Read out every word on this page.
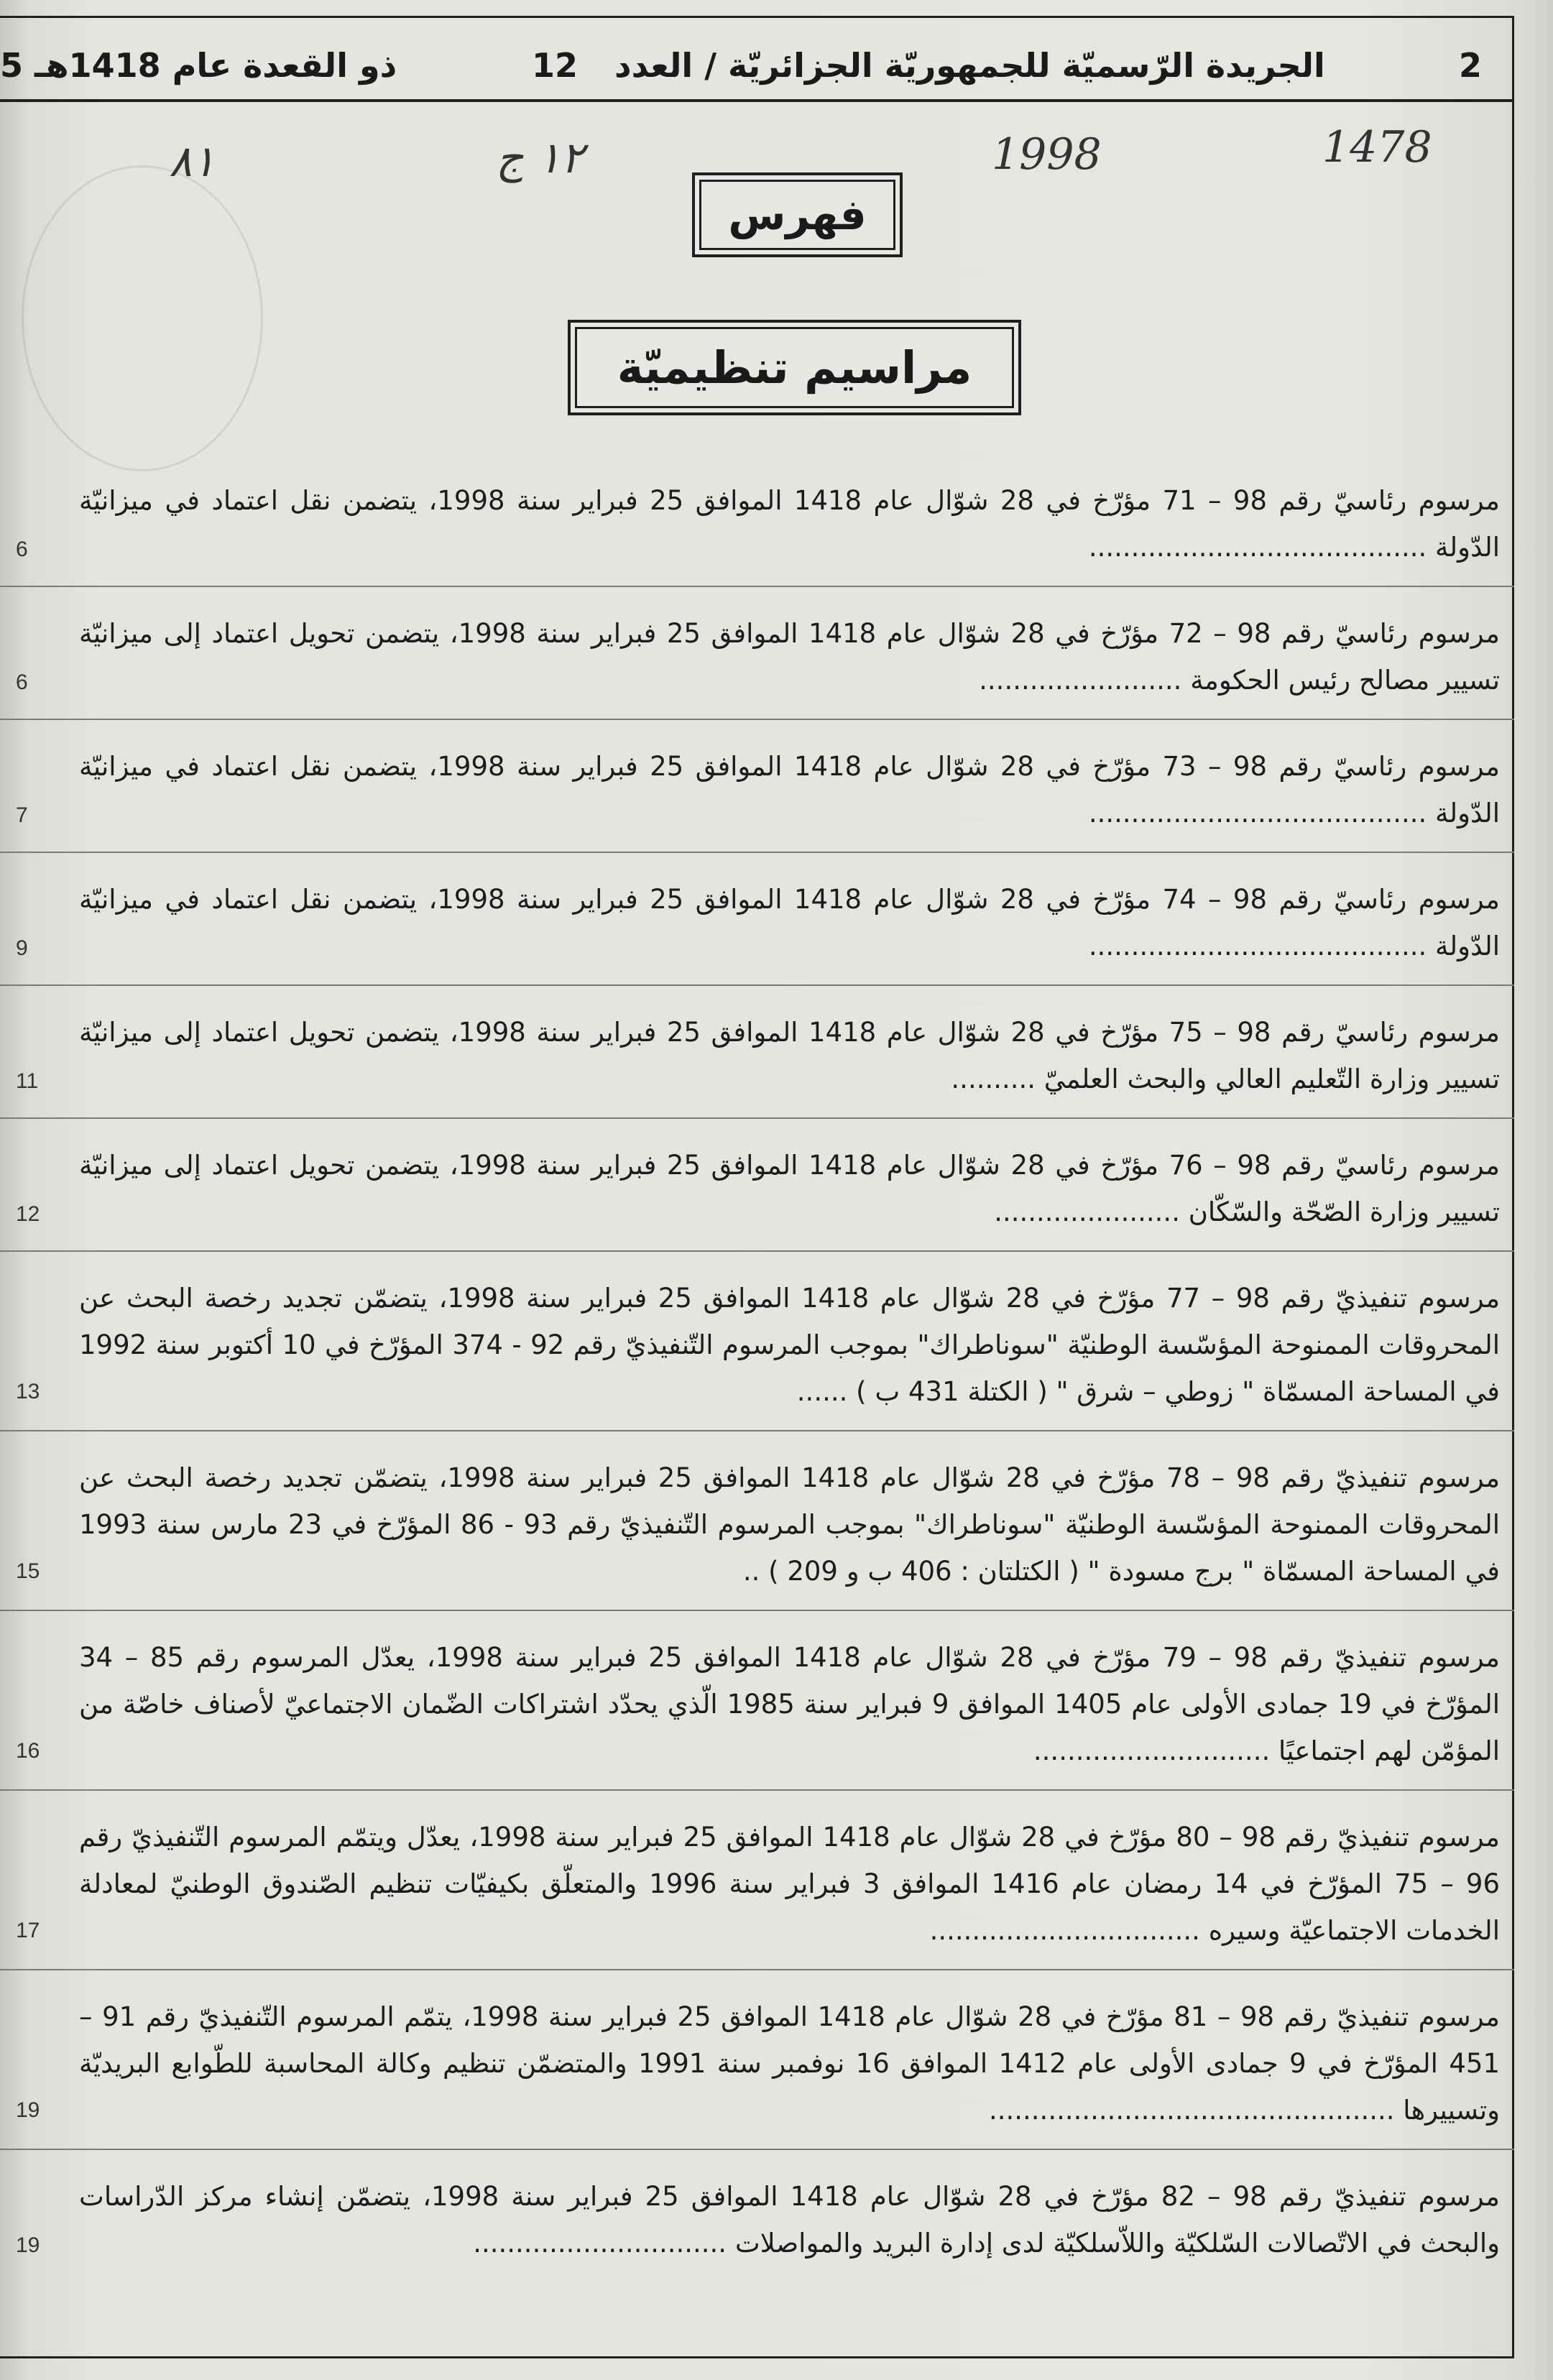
5 ذو القعدة عام 1418هـ	12 الجريدة الرّسميّة للجمهوريّة الجزائريّة / العدد	2
٨١	١٢ ج	1998	1478
فهرس
مراسيم تنظيميّة
مرسوم رئاسيّ رقم 98 – 71 مؤرّخ في 28 شوّال عام 1418 الموافق 25 فبراير سنة 1998، يتضمن نقل اعتماد في ميزانيّة الدّولة ........................................
6
مرسوم رئاسيّ رقم 98 – 72 مؤرّخ في 28 شوّال عام 1418 الموافق 25 فبراير سنة 1998، يتضمن تحويل اعتماد إلى ميزانيّة تسيير مصالح رئيس الحكومة ........................
6
مرسوم رئاسيّ رقم 98 – 73 مؤرّخ في 28 شوّال عام 1418 الموافق 25 فبراير سنة 1998، يتضمن نقل اعتماد في ميزانيّة الدّولة ........................................
7
مرسوم رئاسيّ رقم 98 – 74 مؤرّخ في 28 شوّال عام 1418 الموافق 25 فبراير سنة 1998، يتضمن نقل اعتماد في ميزانيّة الدّولة ........................................
9
مرسوم رئاسيّ رقم 98 – 75 مؤرّخ في 28 شوّال عام 1418 الموافق 25 فبراير سنة 1998، يتضمن تحويل اعتماد إلى ميزانيّة تسيير وزارة التّعليم العالي والبحث العلميّ ..........
11
مرسوم رئاسيّ رقم 98 – 76 مؤرّخ في 28 شوّال عام 1418 الموافق 25 فبراير سنة 1998، يتضمن تحويل اعتماد إلى ميزانيّة تسيير وزارة الصّحّة والسّكّان ......................
12
مرسوم تنفيذيّ رقم 98 – 77 مؤرّخ في 28 شوّال عام 1418 الموافق 25 فبراير سنة 1998، يتضمّن تجديد رخصة البحث عن المحروقات الممنوحة المؤسّسة الوطنيّة "سوناطراك" بموجب المرسوم التّنفيذيّ رقم 92 - 374 المؤرّخ في 10 أكتوبر سنة 1992 في المساحة المسمّاة " زوطي – شرق " ( الكتلة 431 ب ) ......
13
مرسوم تنفيذيّ رقم 98 – 78 مؤرّخ في 28 شوّال عام 1418 الموافق 25 فبراير سنة 1998، يتضمّن تجديد رخصة البحث عن المحروقات الممنوحة المؤسّسة الوطنيّة "سوناطراك" بموجب المرسوم التّنفيذيّ رقم 93 - 86 المؤرّخ في 23 مارس سنة 1993 في المساحة المسمّاة " برج مسودة " ( الكتلتان : 406 ب و 209 ) ..
15
مرسوم تنفيذيّ رقم 98 – 79 مؤرّخ في 28 شوّال عام 1418 الموافق 25 فبراير سنة 1998، يعدّل المرسوم رقم 85 – 34 المؤرّخ في 19 جمادى الأولى عام 1405 الموافق 9 فبراير سنة 1985 الّذي يحدّد اشتراكات الضّمان الاجتماعيّ لأصناف خاصّة من المؤمّن لهم اجتماعيًا ............................
16
مرسوم تنفيذيّ رقم 98 – 80 مؤرّخ في 28 شوّال عام 1418 الموافق 25 فبراير سنة 1998، يعدّل ويتمّم المرسوم التّنفيذيّ رقم 96 – 75 المؤرّخ في 14 رمضان عام 1416 الموافق 3 فبراير سنة 1996 والمتعلّق بكيفيّات تنظيم الصّندوق الوطنيّ لمعادلة الخدمات الاجتماعيّة وسيره ................................
17
مرسوم تنفيذيّ رقم 98 – 81 مؤرّخ في 28 شوّال عام 1418 الموافق 25 فبراير سنة 1998، يتمّم المرسوم التّنفيذيّ رقم 91 – 451 المؤرّخ في 9 جمادى الأولى عام 1412 الموافق 16 نوفمبر سنة 1991 والمتضمّن تنظيم وكالة المحاسبة للطّوابع البريديّة وتسييرها ................................................
19
مرسوم تنفيذيّ رقم 98 – 82 مؤرّخ في 28 شوّال عام 1418 الموافق 25 فبراير سنة 1998، يتضمّن إنشاء مركز الدّراسات والبحث في الاتّصالات السّلكيّة واللاّسلكيّة لدى إدارة البريد والمواصلات ..............................
19
